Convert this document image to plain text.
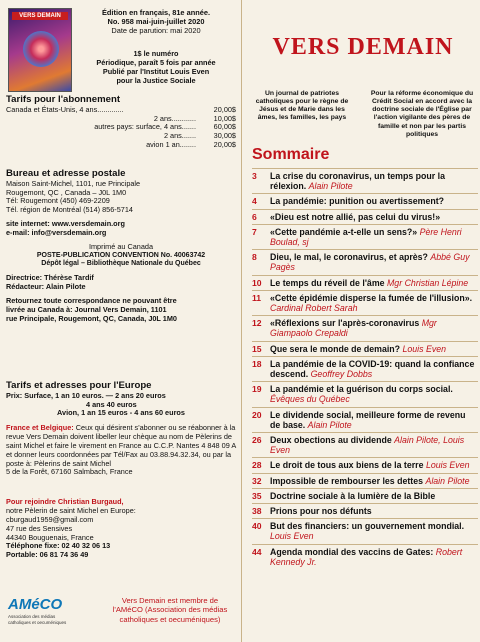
VERS DEMAIN	Édition en français, 81e année.
No. 958 mai-juin-juillet 2020
Date de parution: mai 2020
1$ le numéro
Périodique, paraît 5 fois par année
Publié par l'Institut Louis Even
pour la Justice Sociale
Tarifs pour l'abonnement
Canada et États-Unis, 4 ans.............	20,00$
2 ans............	10,00$
autres pays: surface, 4 ans.......	60,00$
2 ans.......	30,00$
avion 1 an........	20,00$
Bureau et adresse postale
Maison Saint-Michel, 1101, rue Principale
Rougemont, QC , Canada – J0L 1M0
Tél: Rougemont (450) 469-2209
Tél. région de Montréal (514) 856-5714
site internet: www.versdemain.org
e-mail: info@versdemain.org
Imprimé au Canada
POSTE-PUBLICATION CONVENTION No. 40063742
Dépôt légal – Bibliothèque Nationale du Québec
Directrice: Thérèse Tardif
Rédacteur: Alain Pilote
Retournez toute correspondance ne pouvant être
livrée au Canada à: Journal Vers Demain, 1101
rue Principale, Rougemont, QC, Canada, J0L 1M0
Tarifs et adresses pour l'Europe
Prix: Surface, 1 an 10 euros. — 2 ans 20 euros
4 ans 40 euros
Avion, 1 an 15 euros - 4 ans 60 euros
France et Belgique: Ceux qui désirent s'abonner ou se réabonner à la revue Vers Demain doivent libeller leur chèque au nom de Pèlerins de saint Michel et faire le virement en France au C.C.P. Nantes 4 848 09 A et donner leurs coordonnées par Tél/Fax au 03.88.94.32.34, ou par la poste à: Pèlerins de saint Michel
5 de la Forêt, 67160 Salmbach, France
Pour rejoindre Christian Burgaud,
notre Pèlerin de saint Michel en Europe:
cburgaud1959@gmail.com
47 rue des Sensives
44340 Bouguenais, France
Téléphone fixe: 02 40 32 06 13
Portable: 06 81 74 36 49
AMéCO
Association des médias catholiques et oecuméniques
Vers Demain est membre de l'AMéCO (Association des médias catholiques et oecuméniques)
VERS DEMAIN
Un journal de patriotes catholiques pour le règne de Jésus et de Marie dans les âmes, les familles, les pays
Pour la réforme économique du Crédit Social en accord avec la doctrine sociale de l'Église par l'action vigilante des pères de famille et non par les partis politiques
Sommaire
3	La crise du coronavirus, un temps pour la rélexion. Alain Pilote
4	La pandémie: punition ou avertissement?
6	«Dieu est notre allié, pas celui du virus!»
7	«Cette pandémie a-t-elle un sens?» Père Henri Boulad, sj
8	Dieu, le mal, le coronavirus, et après? Abbé Guy Pagès
10 Le temps du réveil de l'âme Mgr Christian Lépine
11	«Cette épidémie disperse la fumée de l'illusion». Cardinal Robert Sarah
12 «Réflexions sur l'après-coronavirus Mgr Giampaolo Crepaldi
15 Que sera le monde de demain? Louis Even
18 La pandémie de la COVID-19: quand la confiance descend. Geoffrey Dobbs
19 La pandémie et la guérison du corps social. Évêques du Québec
20 Le dividende social, meilleure forme de revenu de base. Alain Pilote
26 Deux obections au dividende Alain Pilote, Louis Even
28 Le droit de tous aux biens de la terre Louis Even
32 Impossible de rembourser les dettes Alain Pilote
35 Doctrine sociale à la lumière de la Bible
38 Prions pour nos défunts
40 But des financiers: un gouvernement mondial. Louis Even
44 Agenda mondial des vaccins de Gates: Robert Kennedy Jr.
